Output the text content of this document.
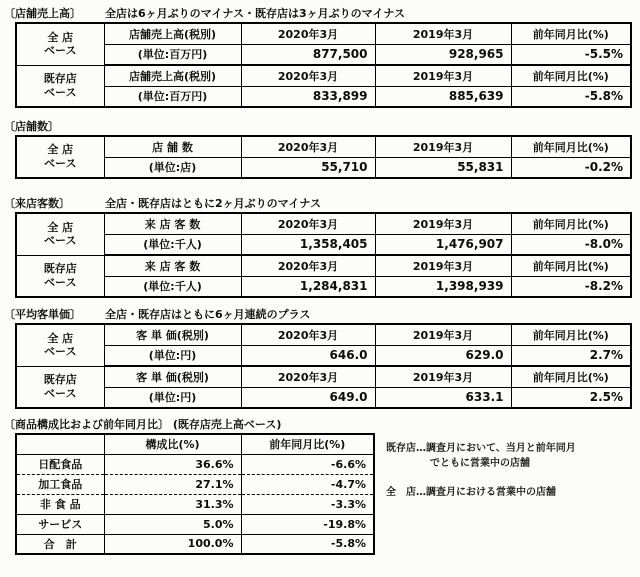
〔店舗売上高〕 全店は6ヶ月ぶりのマイナス・既存店は3ヶ月ぶりのマイナス
全 店
ベース	店舗売上高(税別)	2020年3月	2019年3月	前年同月比(%)
	(単位:百万円)	877,500	928,965	-5.5%
既存店
ベース	店舗売上高(税別)	2020年3月	2019年3月	前年同月比(%)
	(単位:百万円)	833,899	885,639	-5.8%
〔店舗数〕
全 店
ベース	店 舗 数	2020年3月	2019年3月	前年同月比(%)
	(単位:店)	55,710	55,831	-0.2%
〔来店客数〕	全店・既存店はともに2ヶ月ぶりのマイナス
全 店
ベース	来 店 客 数	2020年3月	2019年3月	前年同月比(%)
	(単位:千人)	1,358,405	1,476,907	-8.0%
既存店
ベース	来 店 客 数	2020年3月	2019年3月	前年同月比(%)
	(単位:千人)	1,284,831	1,398,939	-8.2%
〔平均客単価〕 全店・既存店はともに6ヶ月連続のプラス
全 店
ベース	客 単 価(税別)	2020年3月	2019年3月	前年同月比(%)
	(単位:円)	646.0	629.0	2.7%
既存店
ベース	客 単 価(税別)	2020年3月	2019年3月	前年同月比(%)
	(単位:円)	649.0	633.1	2.5%
〔商品構成比および前年同月比〕 (既存店売上高ベース)
	構成比(%)	前年同月比(%)
日配食品	36.6%	-6.6%
加工食品	27.1%	-4.7%
非 食 品	31.3%	-3.3%
サービス	5.0%	-19.8%
合　計	100.0%	-5.8%
既存店…調査月において、当月と前年同月
でともに営業中の店舗
全　店…調査月における営業中の店舗
